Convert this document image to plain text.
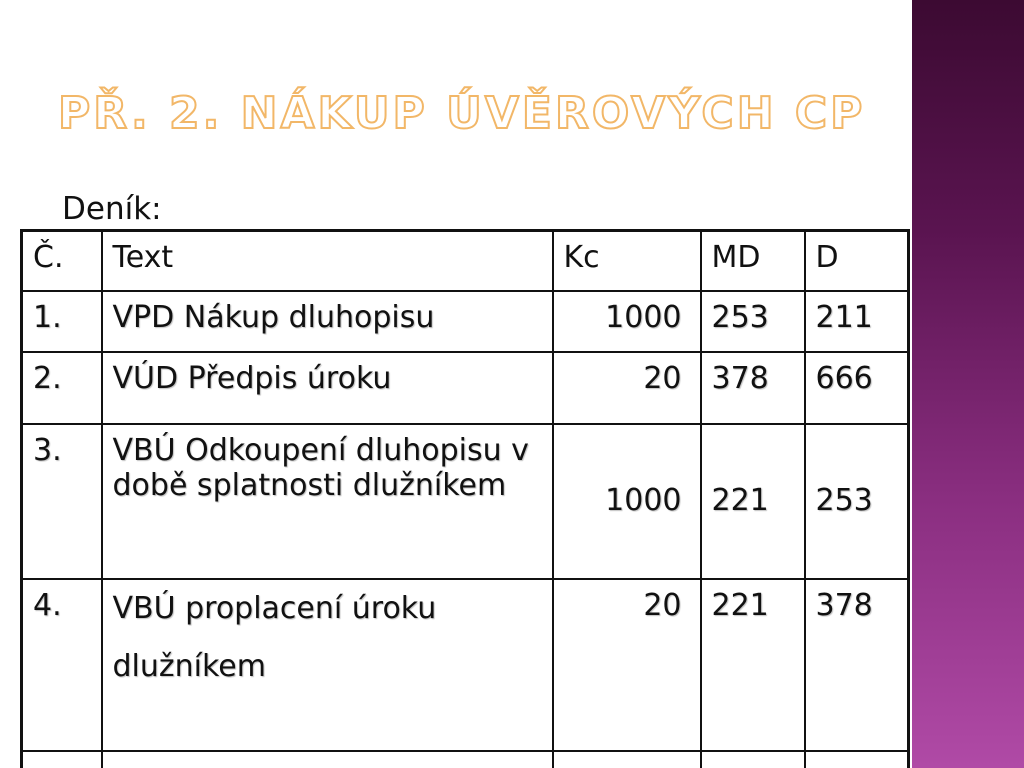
PŘ. 2. NÁKUP ÚVĚROVÝCH CP
Deník:
Č.	Text	Kc	MD	D
1.	VPD Nákup dluhopisu	1000	253	211
2.	VÚD Předpis úroku	20	378	666
3.	VBÚ Odkoupení dluhopisu v době splatnosti dlužníkem	1000	221	253
4.	VBÚ proplacení úroku dlužníkem	20	221	378
